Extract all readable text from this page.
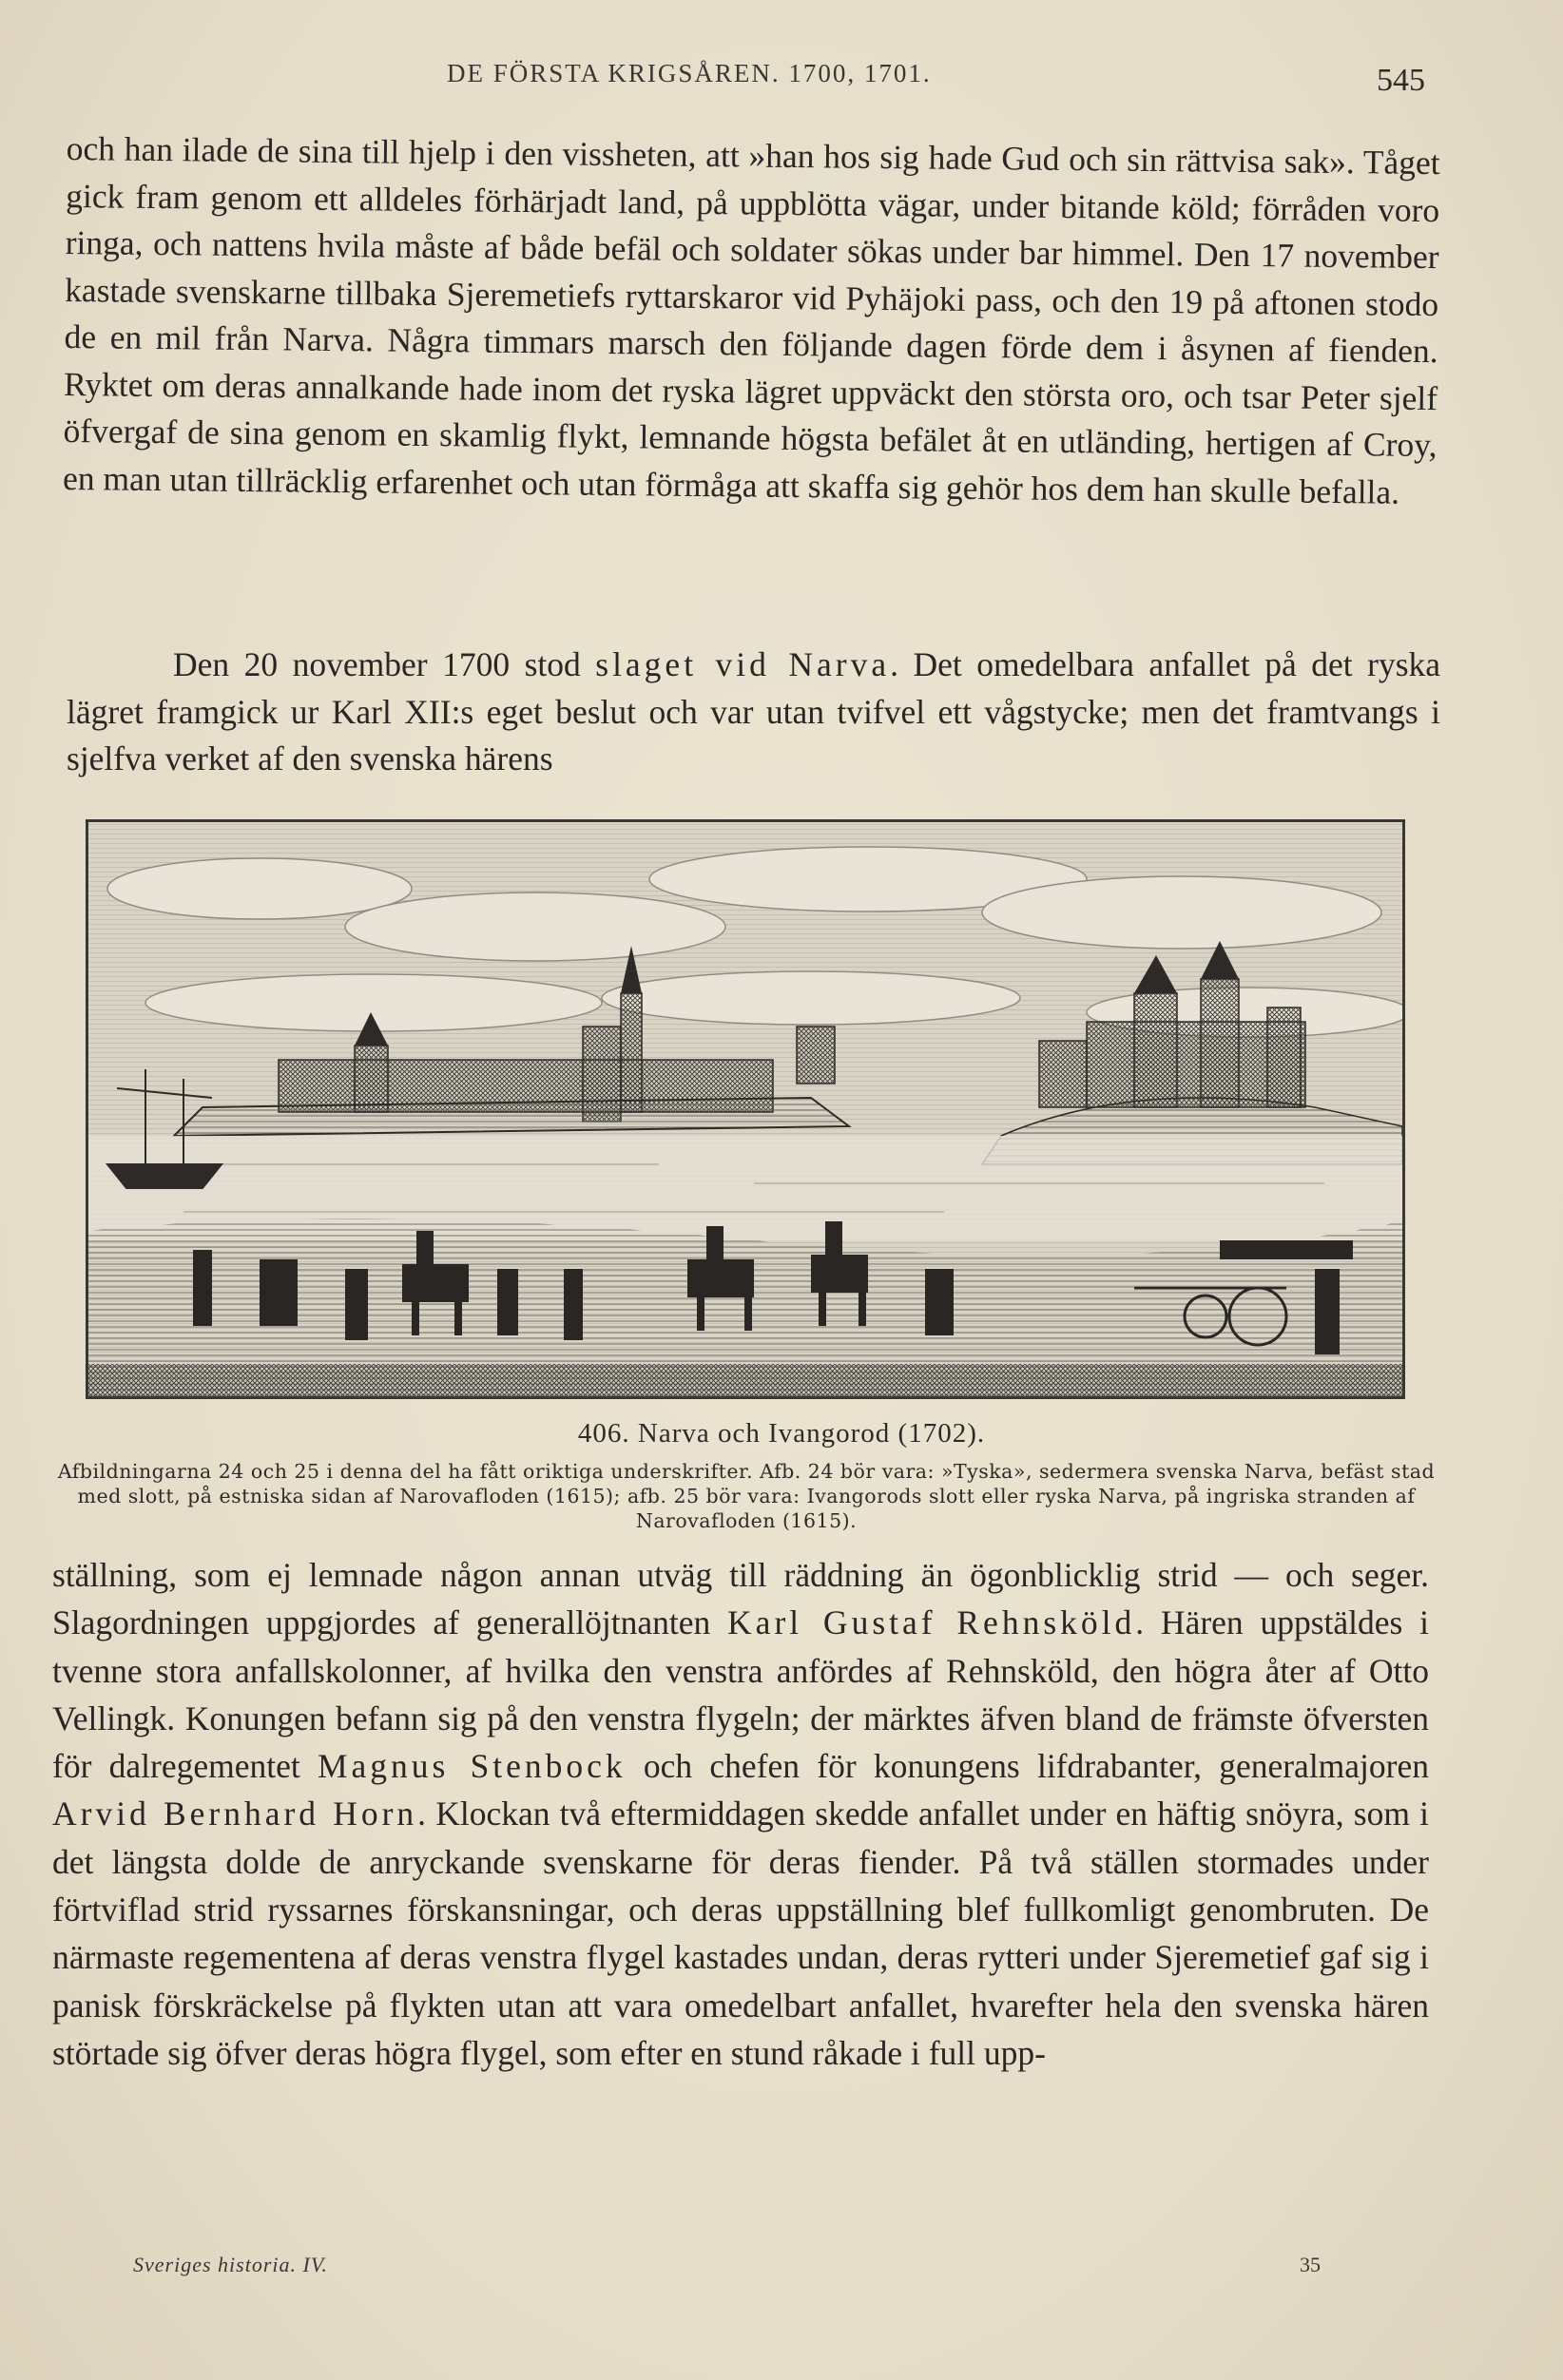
DE FÖRSTA KRIGSÅREN. 1700, 1701.	545

och han ilade de sina till hjelp i den vissheten, att »han hos sig hade Gud och sin rättvisa sak». Tåget gick fram genom ett alldeles förhärjadt land, på uppblötta vägar, under bitande köld; förråden voro ringa, och nattens hvila måste af både befäl och soldater sökas under bar himmel. Den 17 november kastade svenskarne tillbaka Sjeremetiefs ryttarskaror vid Pyhäjoki pass, och den 19 på aftonen stodo de en mil från Narva. Några timmars marsch den följande dagen förde dem i åsynen af fienden. Ryktet om deras annalkande hade inom det ryska lägret uppväckt den största oro, och tsar Peter sjelf öfvergaf de sina genom en skamlig flykt, lemnande högsta befälet åt en utländing, hertigen af Croy, en man utan tillräcklig erfarenhet och utan förmåga att skaffa sig gehör hos dem han skulle befalla.

Den 20 november 1700 stod slaget vid Narva. Det omedelbara anfallet på det ryska lägret framgick ur Karl XII:s eget beslut och var utan tvifvel ett vågstycke; men det framtvangs i sjelfva verket af den svenska härens

406. Narva och Ivangorod (1702).
Afbildningarna 24 och 25 i denna del ha fått oriktiga underskrifter. Afb. 24 bör vara: »Tyska», sedermera svenska Narva, befäst stad med slott, på estniska sidan af Narovafloden (1615); afb. 25 bör vara: Ivangorods slott eller ryska Narva, på ingriska stranden af Narovafloden (1615).

ställning, som ej lemnade någon annan utväg till räddning än ögonblicklig strid — och seger. Slagordningen uppgjordes af generallöjtnanten Karl Gustaf Rehnsköld. Hären uppstäldes i tvenne stora anfallskolonner, af hvilka den venstra anfördes af Rehnsköld, den högra åter af Otto Vellingk. Konungen befann sig på den venstra flygeln; der märktes äfven bland de främste öfversten för dalregementet Magnus Stenbock och chefen för konungens lifdrabanter, generalmajoren Arvid Bernhard Horn. Klockan två eftermiddagen skedde anfallet under en häftig snöyra, som i det längsta dolde de anryckande svenskarne för deras fiender. På två ställen stormades under förtviflad strid ryssarnes förskansningar, och deras uppställning blef fullkomligt genombruten. De närmaste regementena af deras venstra flygel kastades undan, deras rytteri under Sjeremetief gaf sig i panisk förskräckelse på flykten utan att vara omedelbart anfallet, hvarefter hela den svenska hären störtade sig öfver deras högra flygel, som efter en stund råkade i full upp-

Sveriges historia. IV.	35
